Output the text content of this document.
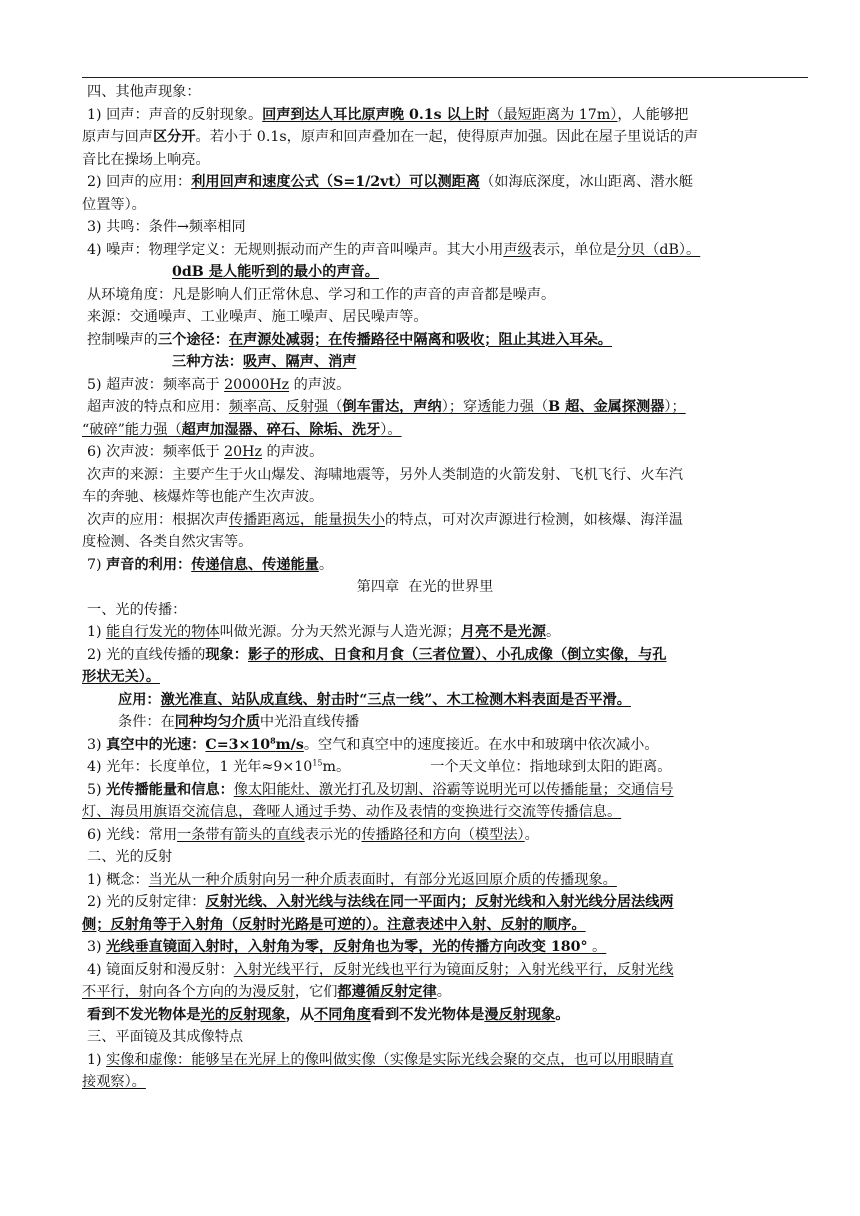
四、其他声现象：
1) 回声：声音的反射现象。回声到达人耳比原声晚 0.1s 以上时（最短距离为 17m），人能够把
原声与回声区分开。若小于 0.1s，原声和回声叠加在一起，使得原声加强。因此在屋子里说话的声
音比在操场上响亮。
2) 回声的应用：利用回声和速度公式（S=1/2vt）可以测距离（如海底深度，冰山距离、潜水艇
位置等）。
3) 共鸣：条件→频率相同
4) 噪声：物理学定义：无规则振动而产生的声音叫噪声。其大小用声级表示，单位是分贝（dB）。
0dB 是人能听到的最小的声音。
从环境角度：凡是影响人们正常休息、学习和工作的声音的声音都是噪声。
来源：交通噪声、工业噪声、施工噪声、居民噪声等。
控制噪声的三个途径：在声源处减弱；在传播路径中隔离和吸收；阻止其进入耳朵。
三种方法：吸声、隔声、消声
5) 超声波：频率高于 20000Hz 的声波。
超声波的特点和应用：频率高、反射强（倒车雷达，声纳）；穿透能力强（B 超、金属探测器）；
“破碎”能力强（超声加湿器、碎石、除垢、洗牙）。
6) 次声波：频率低于 20Hz 的声波。
次声的来源：主要产生于火山爆发、海啸地震等，另外人类制造的火箭发射、飞机飞行、火车汽
车的奔驰、核爆炸等也能产生次声波。
次声的应用：根据次声传播距离远，能量损失小的特点，可对次声源进行检测，如核爆、海洋温
度检测、各类自然灾害等。
7) 声音的利用：传递信息、传递能量。
第四章  在光的世界里
一、光的传播：
1) 能自行发光的物体叫做光源。分为天然光源与人造光源；月亮不是光源。
2) 光的直线传播的现象：影子的形成、日食和月食（三者位置）、小孔成像（倒立实像，与孔
形状无关）。
应用：激光准直、站队成直线、射击时“三点一线”、木工检测木料表面是否平滑。
条件：在同种均匀介质中光沿直线传播
3) 真空中的光速：$C=3\times 10^8m/s$。空气和真空中的速度接近。在水中和玻璃中依次减小。
4) 光年：长度单位，1 光年$\approx 9\times 10^{15}m$。	一个天文单位：指地球到太阳的距离。
5) 光传播能量和信息：像太阳能灶、激光打孔及切割、浴霸等说明光可以传播能量；交通信号
灯、海员用旗语交流信息，聋哑人通过手势、动作及表情的变换进行交流等传播信息。
6) 光线：常用一条带有箭头的直线表示光的传播路径和方向（模型法）。
二、光的反射
1) 概念：当光从一种介质射向另一种介质表面时，有部分光返回原介质的传播现象。
2) 光的反射定律：反射光线、入射光线与法线在同一平面内；反射光线和入射光线分居法线两
侧；反射角等于入射角（反射时光路是可逆的）。注意表述中入射、反射的顺序。
3) 光线垂直镜面入射时，入射角为零，反射角也为零，光的传播方向改变 180° 。
4) 镜面反射和漫反射：入射光线平行，反射光线也平行为镜面反射；入射光线平行，反射光线
不平行，射向各个方向的为漫反射，它们都遵循反射定律。
看到不发光物体是光的反射现象，从不同角度看到不发光物体是漫反射现象。
三、平面镜及其成像特点
1) 实像和虚像：能够呈在光屏上的像叫做实像（实像是实际光线会聚的交点，也可以用眼睛直
接观察）。
